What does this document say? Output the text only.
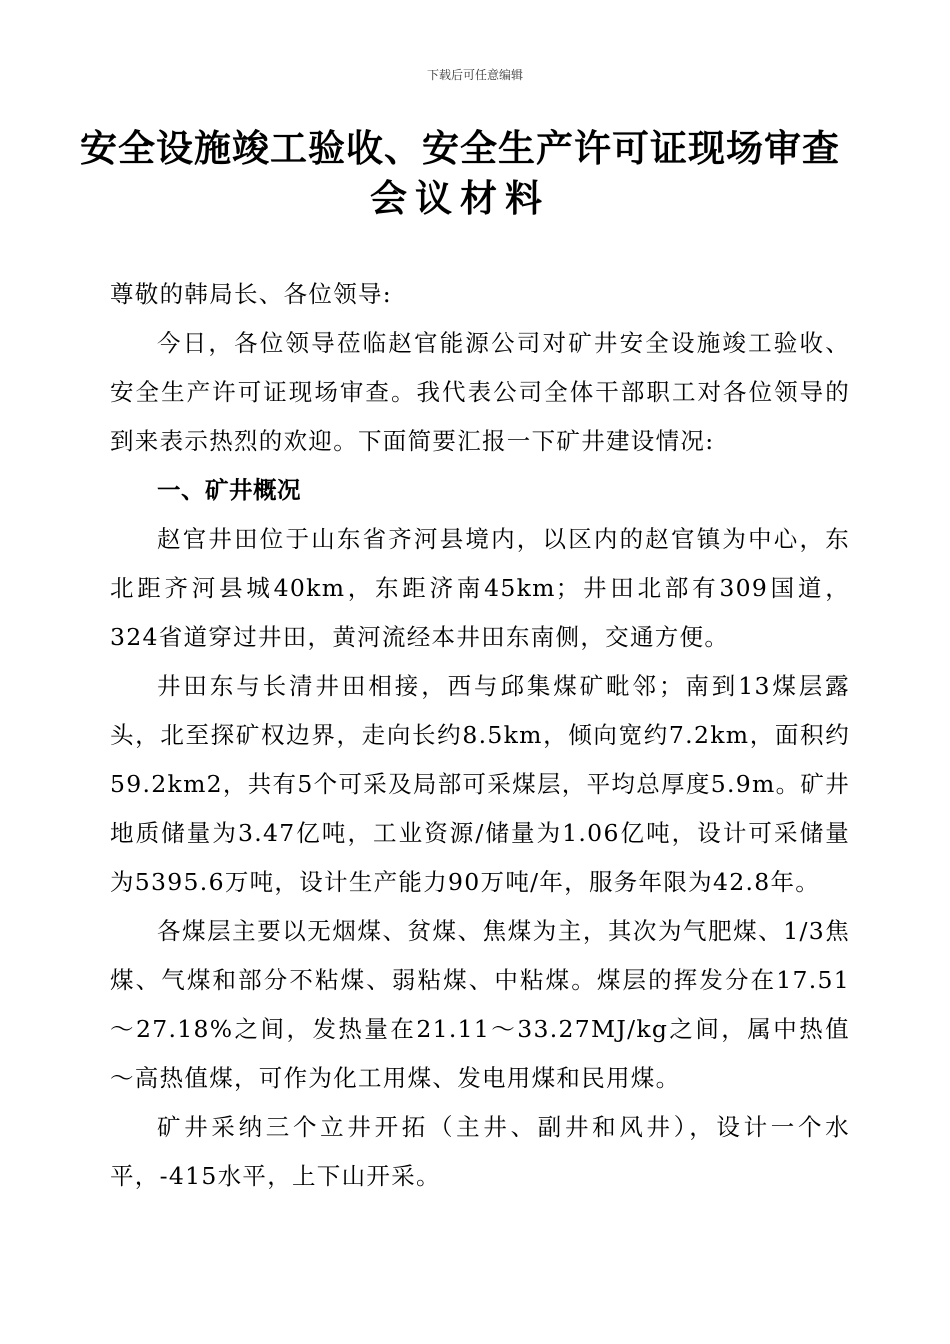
下载后可任意编辑
安全设施竣工验收、安全生产许可证现场审查
会议材料

尊敬的韩局长、各位领导:

今日，各位领导莅临赵官能源公司对矿井安全设施竣工验收、安全生产许可证现场审查。我代表公司全体干部职工对各位领导的到来表示热烈的欢迎。下面简要汇报一下矿井建设情况:

一、矿井概况

赵官井田位于山东省齐河县境内，以区内的赵官镇为中心，东北距齐河县城40km，东距济南45km；井田北部有309国道， 324省道穿过井田，黄河流经本井田东南侧，交通方便。

井田东与长清井田相接，西与邱集煤矿毗邻；南到13煤层露头，北至探矿权边界，走向长约8.5km，倾向宽约7.2km，面积约59.2km2，共有5个可采及局部可采煤层，平均总厚度5.9m。矿井地质储量为3.47亿吨，工业资源/储量为1.06亿吨，设计可采储量为5395.6万吨，设计生产能力90万吨/年，服务年限为42.8年。

各煤层主要以无烟煤、贫煤、焦煤为主，其次为气肥煤、1/3焦煤、气煤和部分不粘煤、弱粘煤、中粘煤。煤层的挥发分在17.51～27.18%之间，发热量在21.11～33.27MJ/kg之间，属中热值～高热值煤，可作为化工用煤、发电用煤和民用煤。

矿井采纳三个立井开拓（主井、副井和风井），设计一个水平，-415水平，上下山开采。
